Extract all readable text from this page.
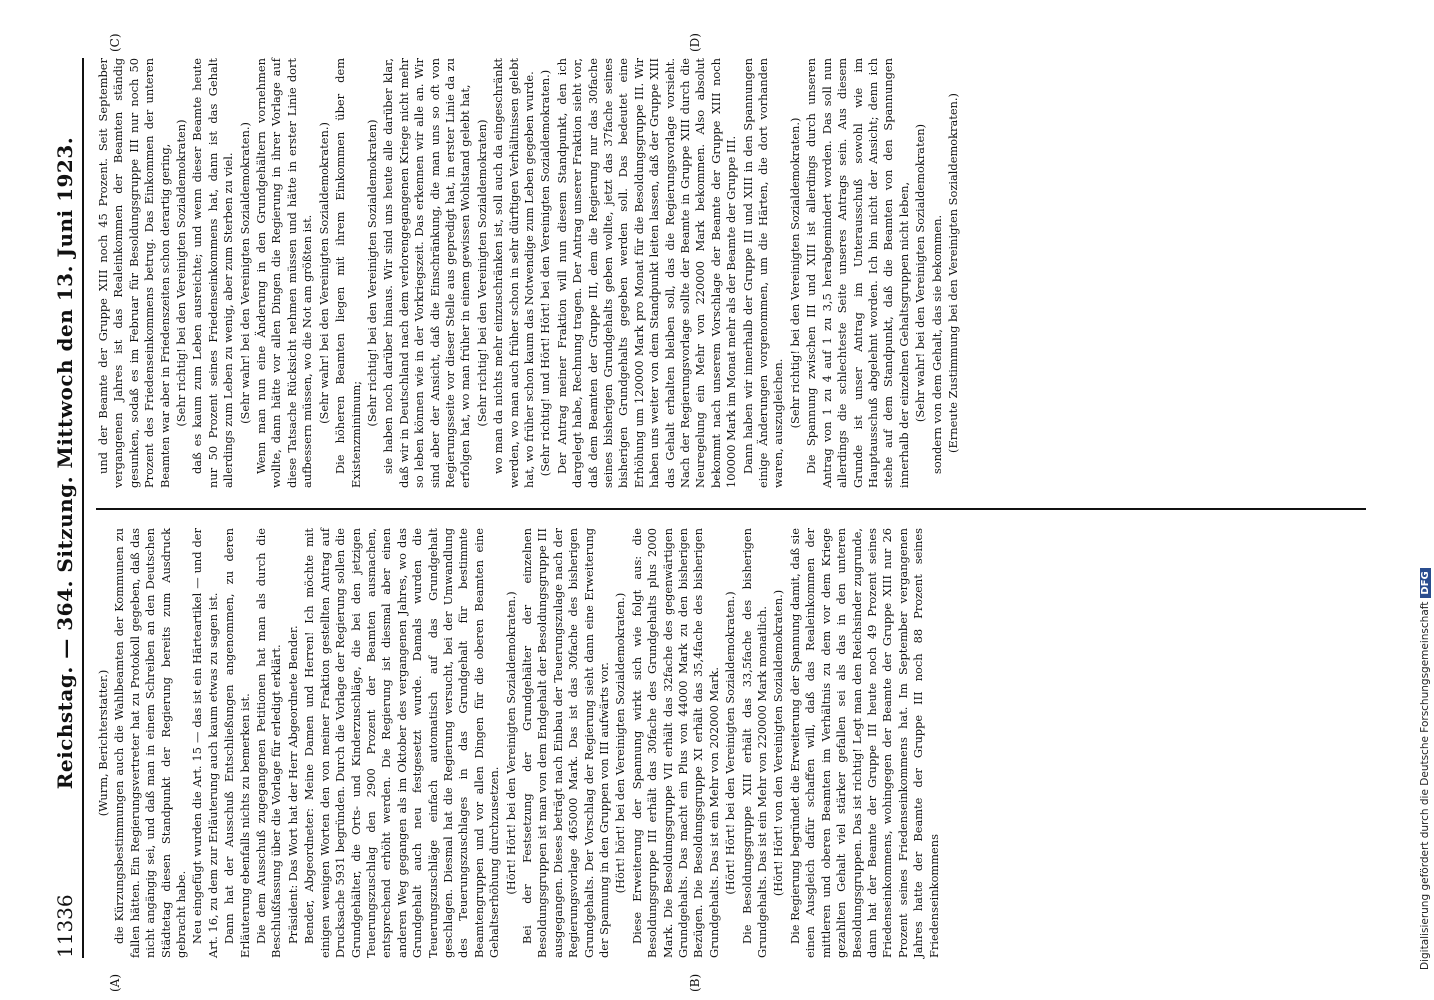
11336
Reichstag. — 364. Sitzung. Mittwoch den 13. Juni 1923. (Wurm, Berichterstatter.) die Kürzungsbestimmungen auch die Wahlbeamten der Kommunen zu fallen hätten. Ein Regierungsvertreter hat zu Protokoll gegeben, daß das nicht angängig sei, und daß man in einem Schreiben an den Deutschen Städtetag diesen Standpunkt der Regierung bereits zum Ausdruck gebracht habe. Neu eingefügt wurden die Art. 15 — das ist ein Härteartikel — und der Art. 16, zu dem zur Erläuterung auch kaum etwas zu sagen ist. Dann hat der Ausschuß Entschließungen angenommen, zu deren Erläuterung ebenfalls nichts zu bemerken ist. Die dem Ausschuß zugegangenen Petitionen hat man als durch die Beschlußfassung über die Vorlage für erledigt erklärt. Präsident: Das Wort hat der Herr Abgeordnete Bender. Bender, Abgeordneter: Meine Damen und Herren! Ich möchte mit einigen wenigen Worten den von meiner Fraktion gestellten Antrag auf Drucksache 5931 begründen. Durch die Vorlage der Regierung sollen die Grundgehälter, die Orts- und Kinderzuschläge, die bei den jetzigen Teuerungszuschlag den 2900 Prozent der Beamten ausmachen, entsprechend erhöht werden. Die Regierung ist diesmal aber einen anderen Weg gegangen als im Oktober des vergangenen Jahres, wo das Grundgehalt auch neu festgesetzt wurde. Damals wurden die Teuerungszuschläge einfach automatisch auf das Grundgehalt geschlagen. Diesmal hat die Regierung versucht, bei der Umwandlung des Teuerungszuschlages in das Grundgehalt für bestimmte Beamtengruppen und vor allen Dingen für die oberen Beamten eine Gehaltserhöhung durchzusetzen. (Hört! Hört! bei den Vereinigten Sozialdemokraten.) Bei der Festsetzung der Grundgehälter der einzelnen Besoldungsgruppen ist man von dem Endgehalt der Besoldungsgruppe III ausgegangen. Dieses beträgt nach Einbau der Teuerungszulage nach der Regierungsvorlage 465000 Mark. Das ist das 30fache des bisherigen Grundgehalts. Der Vorschlag der Regierung sieht dann eine Erweiterung der Spannung in den Gruppen von III aufwärts vor. (Hört! hört! bei den Vereinigten Sozialdemokraten.) Diese Erweiterung der Spannung wirkt sich wie folgt aus: die Besoldungsgruppe III erhält das 30fache des Grundgehalts plus 2000 Mark. Die Besoldungsgruppe VII erhält das 32fache des gegenwärtigen Grundgehalts. Das macht ein Plus von 44000 Mark zu den bisherigen Bezügen. Die Besoldungsgruppe XI erhält das 35,4fache des bisherigen Grundgehalts. Das ist ein Mehr von 202000 Mark. (Hört! Hört! bei den Vereinigten Sozialdemokraten.) Die Besoldungsgruppe XIII erhält das 33,5fache des bisherigen Grundgehalts. Das ist ein Mehr von 220000 Mark monatlich. (Hört! Hört! von den Vereinigten Sozialdemokraten.) Die Regierung begründet die Erweiterung der Spannung damit, daß sie einen Ausgleich dafür schaffen will, daß das Realeinkommen der mittleren und oberen Beamten im Verhältnis zu dem vor dem Kriege gezahlten Gehalt viel stärker gefallen sei als das in den unteren Besoldungsgruppen. Das ist richtig! Legt man den Reichsinder zugrunde, dann hat der Beamte der Gruppe III heute noch 49 Prozent seines Friedenseinkommens, wohingegen der Beamte der Gruppe XIII nur 26 Prozent seines Friedenseinkommens hat. Im September vergangenen Jahres hatte der Beamte der Gruppe III noch 88 Prozent seines Friedenseinkommens

und der Beamte der Gruppe XIII noch 45 Prozent. Seit September vergangenen Jahres ist das Realeinkommen der Beamten ständig gesunken, sodaß es im Februar für Besoldungsgruppe III nur noch 50 Prozent des Friedenseinkommens betrug. Das Einkommen der unteren Beamten war aber in Friedenszeiten schon derartig gering, (Sehr richtig! bei den Vereinigten Sozialdemokraten) daß es kaum zum Leben ausreichte; und wenn dieser Beamte heute nur 50 Prozent seines Friedenseinkommens hat, dann ist das Gehalt allerdings zum Leben zu wenig, aber zum Sterben zu viel. (Sehr wahr! bei den Vereinigten Sozialdemokraten.) Wenn man nun eine Änderung in den Grundgehältern vornehmen wollte, dann hätte vor allen Dingen die Regierung in ihrer Vorlage auf diese Tatsache Rücksicht nehmen müssen und hätte in erster Linie dort aufbessern müssen, wo die Not am größten ist. (Sehr wahr! bei den Vereinigten Sozialdemokraten.) Die höheren Beamten liegen mit ihrem Einkommen über dem Existenzminimum;

(Sehr richtig! bei den Vereinigten Sozialdemokraten) sie haben noch darüber hinaus. Wir sind uns heute alle darüber klar, daß wir in Deutschland nach dem verlorengegangenen Kriege nicht mehr so leben können wie in der Vorkriegszeit. Das erkennen wir alle an. Wir sind aber der Ansicht, daß die Einschränkung, die man uns so oft von Regierungsseite vor dieser Stelle aus gepredigt hat, in erster Linie da zu erfolgen hat, wo man früher in einem gewissen Wohlstand gelebt hat, (Sehr richtig! bei den Vereinigten Sozialdemokraten) wo man da nichts mehr einzuschränken ist, soll auch da eingeschränkt werden, wo man auch früher schon in sehr dürftigen Verhältnissen gelebt hat, wo früher schon kaum das Notwendige zum Leben gegeben wurde. (Sehr richtig! und Hört! Hört! bei den Vereinigten Sozialdemokraten.) Der Antrag meiner Fraktion will nun diesem Standpunkt, den ich dargelegt habe, Rechnung tragen. Der Antrag unserer Fraktion sieht vor, daß dem Beamten der Gruppe III, dem die Regierung nur das 30fache seines bisherigen Grundgehalts geben wollte, jetzt das 37fache seines bisherigen Grundgehalts gegeben werden soll. Das bedeutet eine Erhöhung um 120000 Mark pro Monat für die Besoldungsgruppe III. Wir haben uns weiter von dem Standpunkt leiten lassen, daß der Gruppe XIII das Gehalt erhalten bleiben soll, das die Regierungsvorlage vorsieht. Nach der Regierungsvorlage sollte der Beamte in Gruppe XIII durch die Neuregelung ein Mehr von 220000 Mark bekommen. Also absolut bekommt nach unserem Vorschlage der Beamte der Gruppe XIII noch 100000 Mark im Monat mehr als der Beamte der Gruppe III. Dann haben wir innerhalb der Gruppe III und XIII in den Spannungen einige Änderungen vorgenommen, um die Härten, die dort vorhanden waren, auszugleichen. (Sehr richtig! bei den Vereinigten Sozialdemokraten.) Die Spannung zwischen III und XIII ist allerdings durch unseren Antrag von 1 zu 4 auf 1 zu 3,5 herabgemindert worden. Das soll nun allerdings die schlechteste Seite unseres Antrags sein. Aus diesem Grunde ist unser Antrag im Unterausschuß sowohl wie im Hauptausschuß abgelehnt worden. Ich bin nicht der Ansicht; denn ich stehe auf dem Standpunkt, daß die Beamten von den Spannungen innerhalb der einzelnen Gehaltsgruppen nicht leben, (Sehr wahr! bei den Vereinigten Sozialdemokraten) sondern von dem Gehalt, das sie bekommen. (Erneute Zustimmung bei den Vereinigten Sozialdemokraten.)

(A)	(B)
(C)	(D)
Digitalisierung gefördert durch die Deutsche ForschungsgemeinschaftDFG
